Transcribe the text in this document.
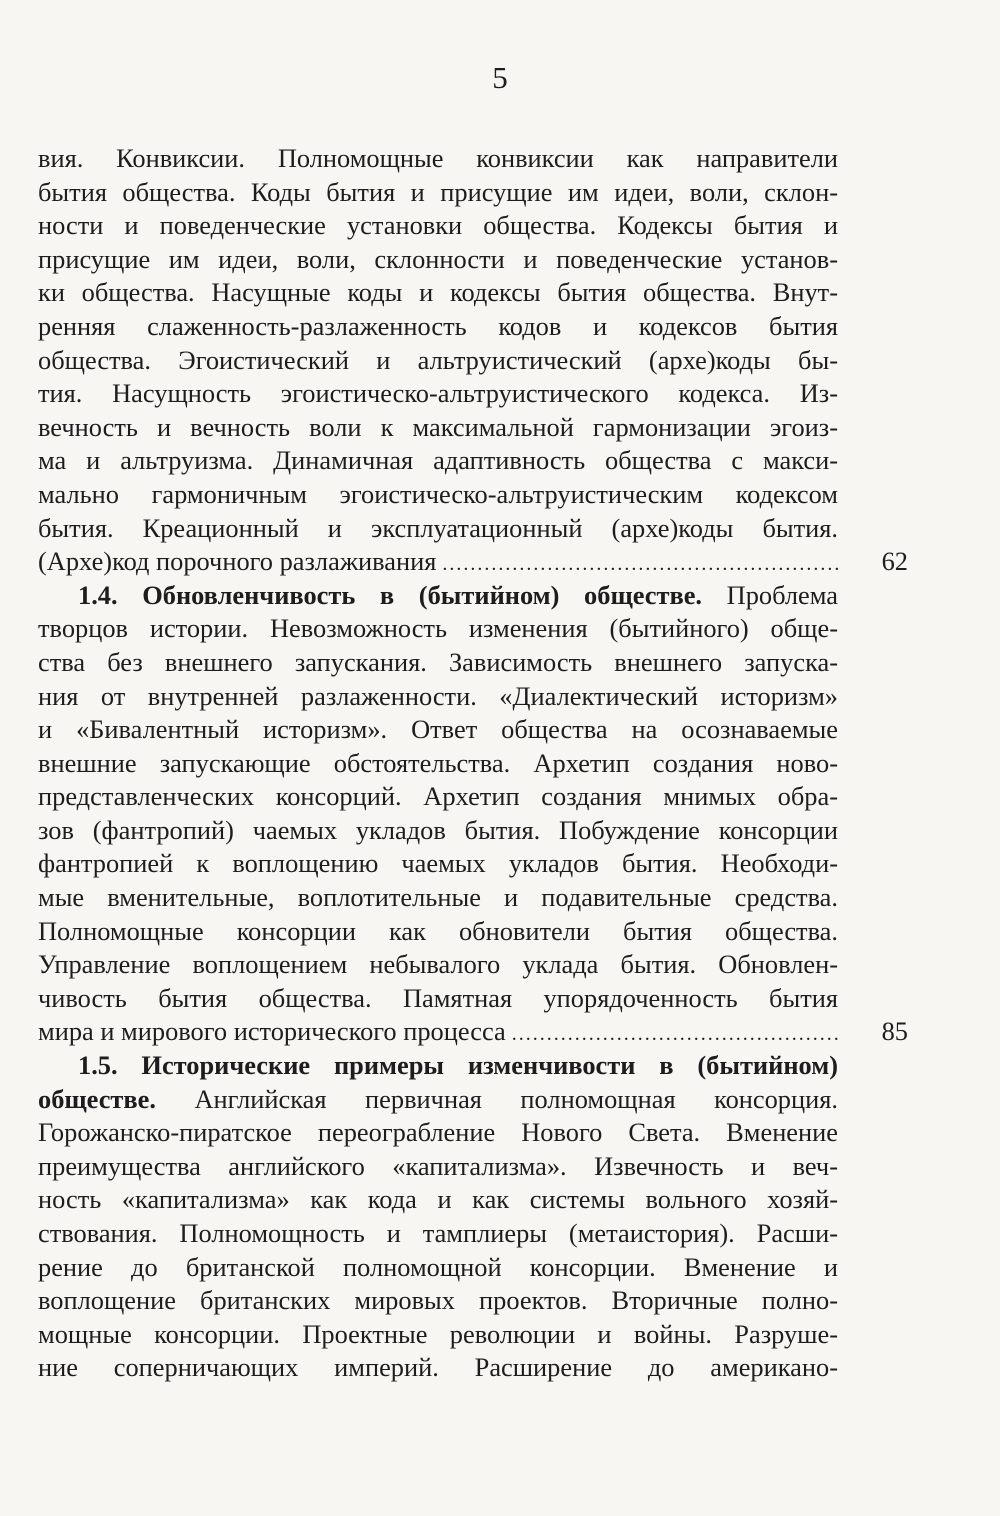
5
вия. Конвиксии. Полномощные конвиксии как направители
бытия общества. Коды бытия и присущие им идеи, воли, склон-
ности и поведенческие установки общества. Кодексы бытия и
присущие им идеи, воли, склонности и поведенческие установ-
ки общества. Насущные коды и кодексы бытия общества. Внут-
ренняя слаженность-разлаженность кодов и кодексов бытия
общества. Эгоистический и альтруистический (архе)коды бы-
тия. Насущность эгоистическо-альтруистического кодекса. Из-
вечность и вечность воли к максимальной гармонизации эгоиз-
ма и альтруизма. Динамичная адаптивность общества с макси-
мально гармоничным эгоистическо-альтруистическим кодексом
бытия. Креационный и эксплуатационный (архе)коды бытия.
(Архе)код порочного разлаживания .....	62
1.4. Обновленчивость в (бытийном) обществе. Проблема
творцов истории. Невозможность изменения (бытийного) обще-
ства без внешнего запускания. Зависимость внешнего запуска-
ния от внутренней разлаженности. «Диалектический историзм»
и «Бивалентный историзм». Ответ общества на осознаваемые
внешние запускающие обстоятельства. Архетип создания ново-
представленческих консорций. Архетип создания мнимых обра-
зов (фантропий) чаемых укладов бытия. Побуждение консорции
фантропией к воплощению чаемых укладов бытия. Необходи-
мые вменительные, воплотительные и подавительные средства.
Полномощные консорции как обновители бытия общества.
Управление воплощением небывалого уклада бытия. Обновлен-
чивость бытия общества. Памятная упорядоченность бытия
мира и мирового исторического процесса .....	85
1.5. Исторические примеры изменчивости в (бытийном)
обществе. Английская первичная полномощная консорция.
Горожанско-пиратское переограбление Нового Света. Вменение
преимущества английского «капитализма». Извечность и веч-
ность «капитализма» как кода и как системы вольного хозяй-
ствования. Полномощность и тамплиеры (метаистория). Расши-
рение до британской полномощной консорции. Вменение и
воплощение британских мировых проектов. Вторичные полно-
мощные консорции. Проектные революции и войны. Разруше-
ние соперничающих империй. Расширение до американо-
